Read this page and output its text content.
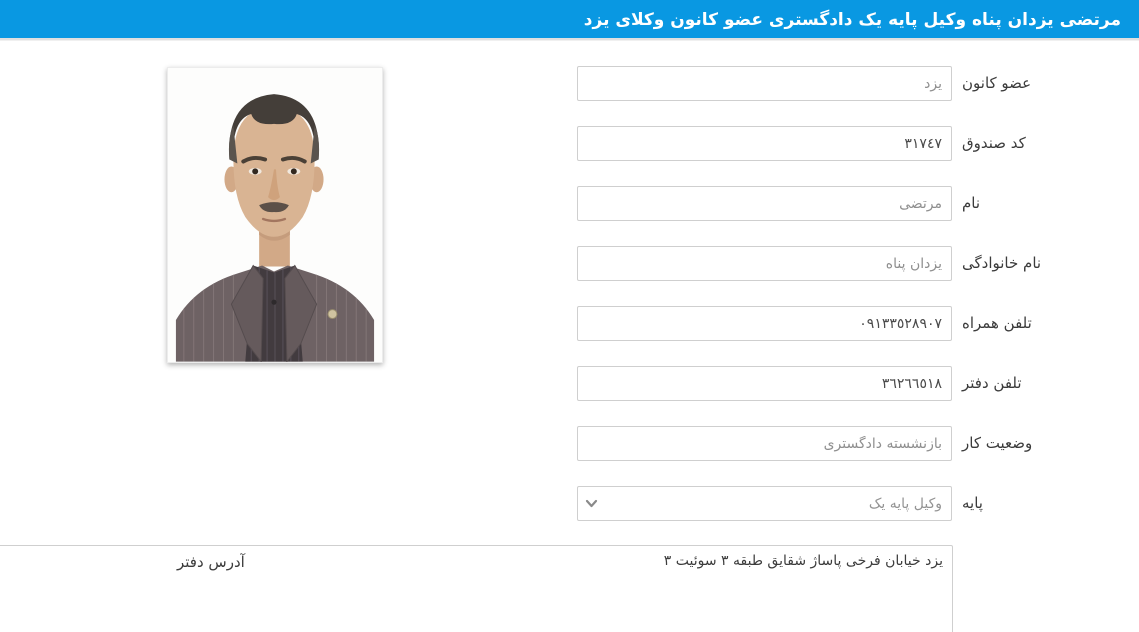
مرتضی یزدان پناه وکیل پایه یک دادگستری عضو کانون وکلای یزد
یزد
عضو کانون
٣١٧٤٧
کد صندوق
مرتضی
نام
یزدان پناه
نام خانوادگی
٠٩١٣٣٥٢٨٩٠٧
تلفن همراه
٣٦٢٦٦٥١٨
تلفن دفتر
بازنشسته دادگستری
وضعیت کار
وکیل پایه یک
پایه
یزد خیابان فرخی پاساژ شقایق طبقه ٣ سوئیت ٣
آدرس دفتر
